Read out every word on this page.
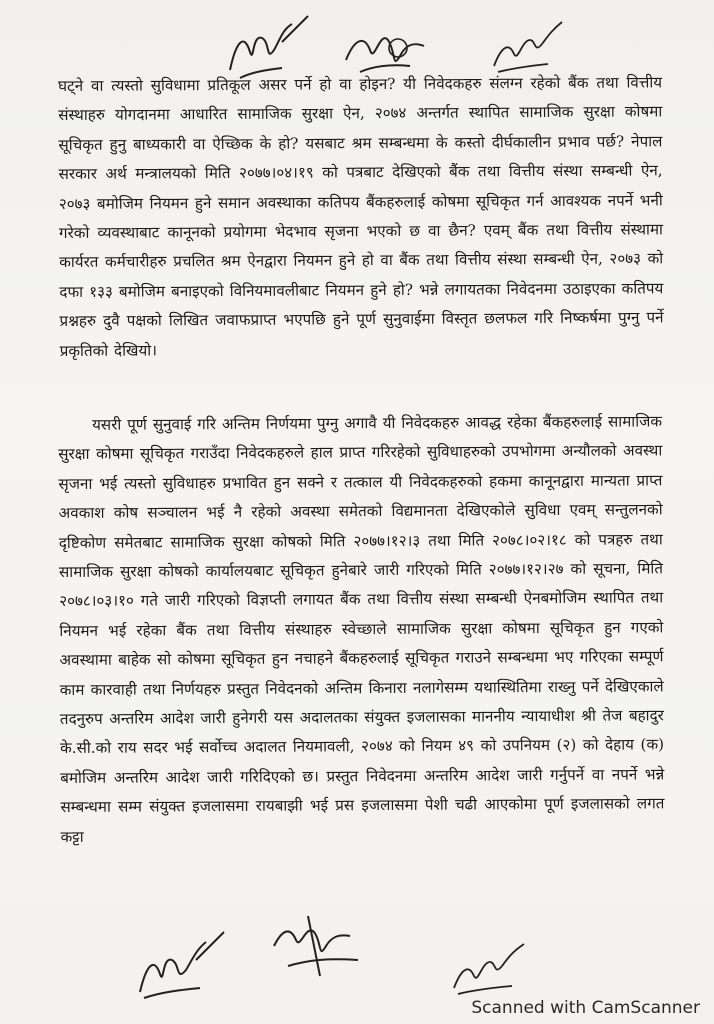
घट्ने वा त्यस्तो सुविधामा प्रतिकूल असर पर्ने हो वा होइन? यी निवेदकहरु संलग्न रहेको बैंक तथा वित्तीय संस्थाहरु योगदानमा आधारित सामाजिक सुरक्षा ऐन, २०७४ अन्तर्गत स्थापित सामाजिक सुरक्षा कोषमा सूचिकृत हुनु बाध्यकारी वा ऐच्छिक के हो? यसबाट श्रम सम्बन्धमा के कस्तो दीर्घकालीन प्रभाव पर्छ? नेपाल सरकार अर्थ मन्त्रालयको मिति २०७७।०४।१९ को पत्रबाट देखिएको बैंक तथा वित्तीय संस्था सम्बन्धी ऐन, २०७३ बमोजिम नियमन हुने समान अवस्थाका कतिपय बैंकहरुलाई कोषमा सूचिकृत गर्न आवश्यक नपर्ने भनी गरेको व्यवस्थाबाट कानूनको प्रयोगमा भेदभाव सृजना भएको छ वा छैन? एवम् बैंक तथा वित्तीय संस्थामा कार्यरत कर्मचारीहरु प्रचलित श्रम ऐनद्वारा नियमन हुने हो वा बैंक तथा वित्तीय संस्था सम्बन्धी ऐन, २०७३ को दफा १३३ बमोजिम बनाइएको विनियमावलीबाट नियमन हुने हो? भन्ने लगायतका निवेदनमा उठाइएका कतिपय प्रश्नहरु दुवै पक्षको लिखित जवाफप्राप्त भएपछि हुने पूर्ण सुनुवाईमा विस्तृत छलफल गरि निष्कर्षमा पुग्नु पर्ने प्रकृतिको देखियो।

यसरी पूर्ण सुनुवाई गरि अन्तिम निर्णयमा पुग्नु अगावै यी निवेदकहरु आवद्ध रहेका बैंकहरुलाई सामाजिक सुरक्षा कोषमा सूचिकृत गराउँदा निवेदकहरुले हाल प्राप्त गरिरहेको सुविधाहरुको उपभोगमा अन्यौलको अवस्था सृजना भई त्यस्तो सुविधाहरु प्रभावित हुन सक्ने र तत्काल यी निवेदकहरुको हकमा कानूनद्वारा मान्यता प्राप्त अवकाश कोष सञ्चालन भई नै रहेको अवस्था समेतको विद्यमानता देखिएकोले सुविधा एवम् सन्तुलनको दृष्टिकोण समेतबाट सामाजिक सुरक्षा कोषको मिति २०७७।१२।३ तथा मिति २०७८।०२।१८ को पत्रहरु तथा सामाजिक सुरक्षा कोषको कार्यालयबाट सूचिकृत हुनेबारे जारी गरिएको मिति २०७७।१२।२७ को सूचना, मिति २०७८।०३।१० गते जारी गरिएको विज्ञप्ती लगायत बैंक तथा वित्तीय संस्था सम्बन्धी ऐनबमोजिम स्थापित तथा नियमन भई रहेका बैंक तथा वित्तीय संस्थाहरु स्वेच्छाले सामाजिक सुरक्षा कोषमा सूचिकृत हुन गएको अवस्थामा बाहेक सो कोषमा सूचिकृत हुन नचाहने बैंकहरुलाई सूचिकृत गराउने सम्बन्धमा भए गरिएका सम्पूर्ण काम कारवाही तथा निर्णयहरु प्रस्तुत निवेदनको अन्तिम किनारा नलागेसम्म यथास्थितिमा राख्नु पर्ने देखिएकाले तदनुरुप अन्तरिम आदेश जारी हुनेगरी यस अदालतका संयुक्त इजलासका माननीय न्यायाधीश श्री तेज बहादुर के.सी.को राय सदर भई सर्वोच्च अदालत नियमावली, २०७४ को नियम ४९ को उपनियम (२) को देहाय (क) बमोजिम अन्तरिम आदेश जारी गरिदिएको छ। प्रस्तुत निवेदनमा अन्तरिम आदेश जारी गर्नुपर्ने वा नपर्ने भन्ने सम्बन्धमा सम्म संयुक्त इजलासमा रायबाझी भई प्रस इजलासमा पेशी चढी आएकोमा पूर्ण इजलासको लगत कट्टा

Scanned with CamScanner
